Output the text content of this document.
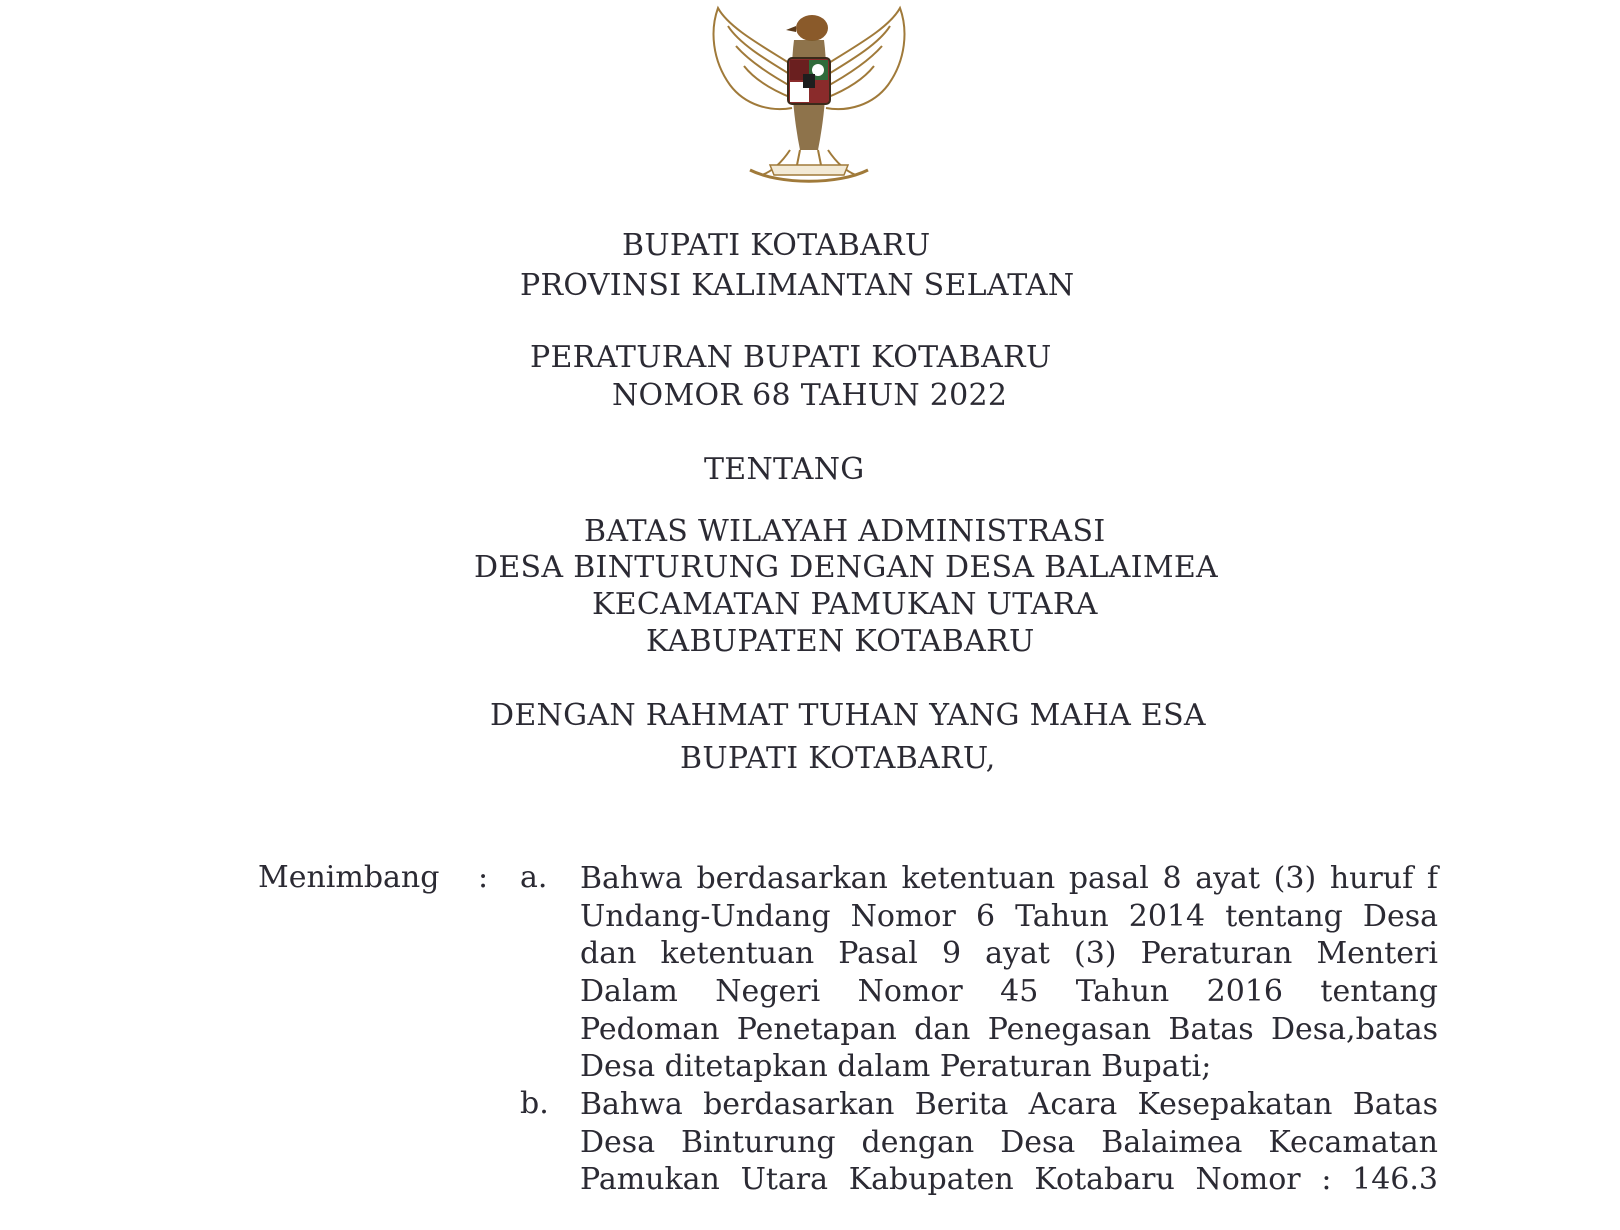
BUPATI KOTABARU
PROVINSI KALIMANTAN SELATAN
PERATURAN BUPATI KOTABARU
NOMOR 68 TAHUN 2022
TENTANG
BATAS WILAYAH ADMINISTRASI
DESA BINTURUNG DENGAN DESA BALAIMEA
KECAMATAN PAMUKAN UTARA
KABUPATEN KOTABARU
DENGAN RAHMAT TUHAN YANG MAHA ESA
BUPATI KOTABARU,
Menimbang : a. Bahwa berdasarkan ketentuan pasal 8 ayat (3) huruf f
Undang-Undang Nomor 6 Tahun 2014 tentang Desa
dan ketentuan Pasal 9 ayat (3) Peraturan Menteri
Dalam Negeri Nomor 45 Tahun 2016 tentang
Pedoman Penetapan dan Penegasan Batas Desa,batas
Desa ditetapkan dalam Peraturan Bupati;
b. Bahwa berdasarkan Berita Acara Kesepakatan Batas
Desa Binturung dengan Desa Balaimea Kecamatan
Pamukan Utara Kabupaten Kotabaru Nomor : 146.3
